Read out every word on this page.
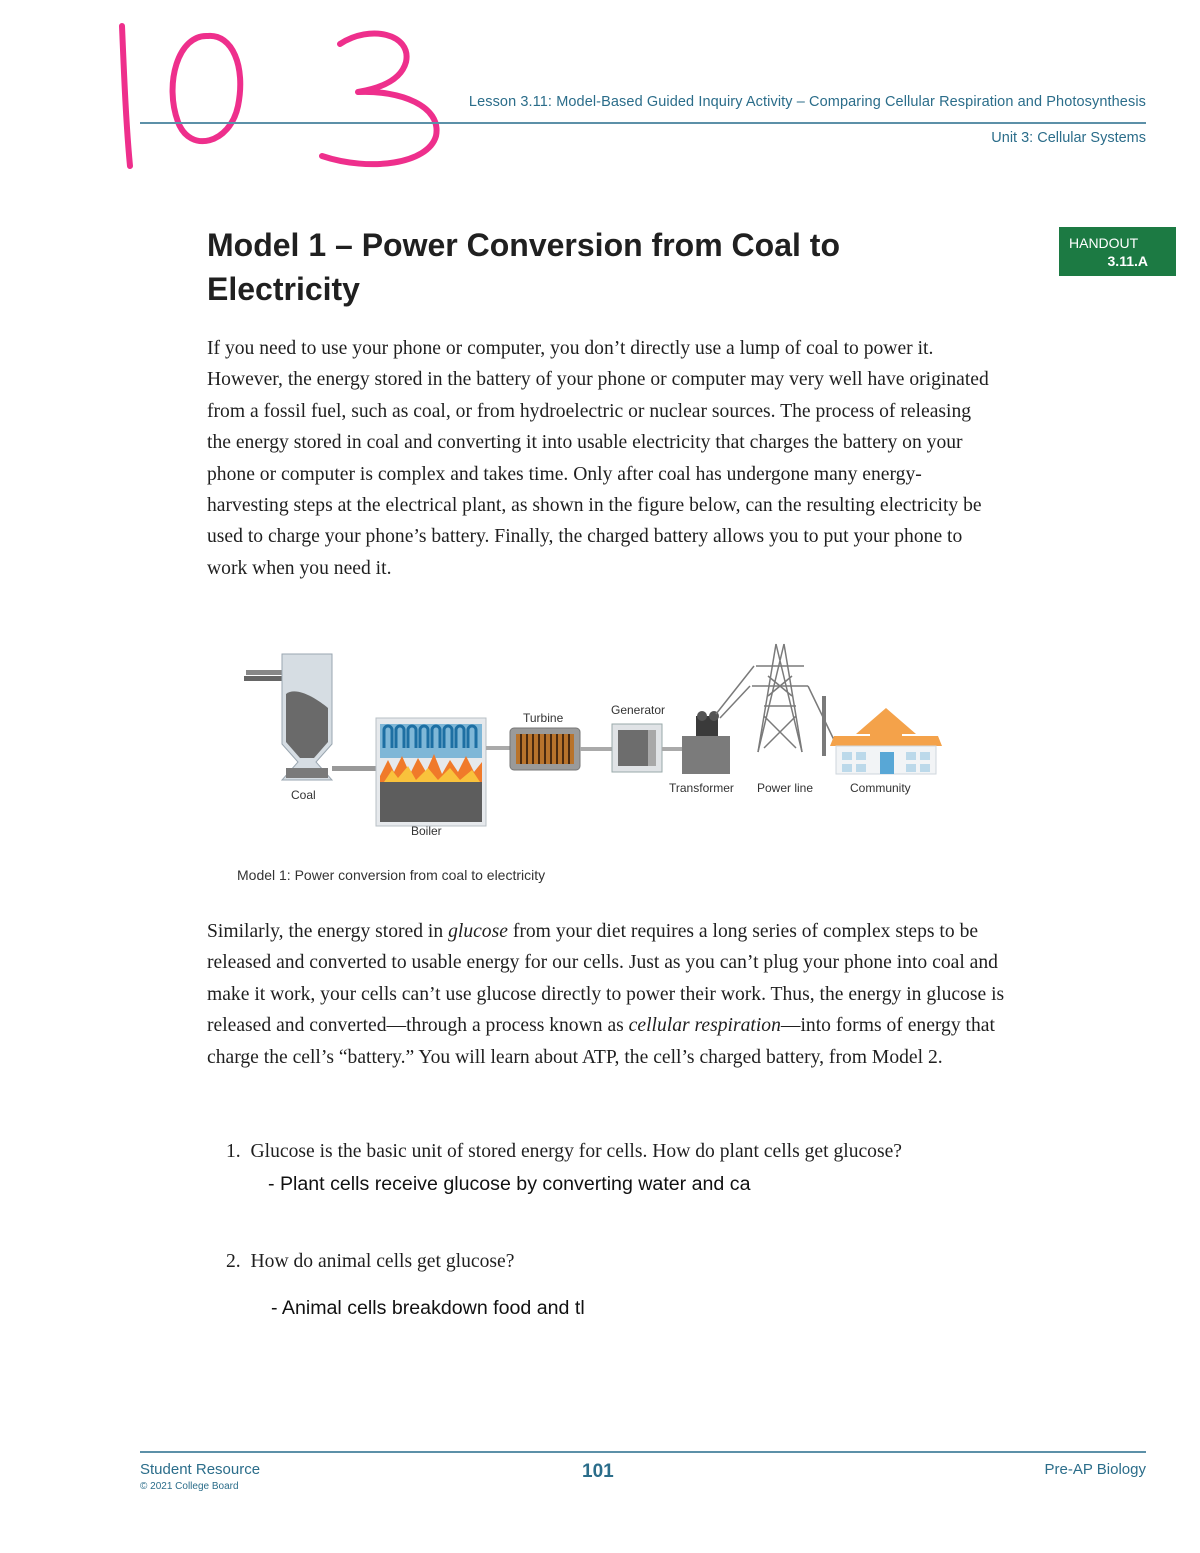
103
Lesson 3.11: Model-Based Guided Inquiry Activity – Comparing Cellular Respiration and Photosynthesis
Unit 3: Cellular Systems
HANDOUT
3.11.A
Model 1 – Power Conversion from Coal to Electricity

If you need to use your phone or computer, you don’t directly use a lump of coal to power it. However, the energy stored in the battery of your phone or computer may very well have originated from a fossil fuel, such as coal, or from hydroelectric or nuclear sources. The process of releasing the energy stored in coal and converting it into usable electricity that charges the battery on your phone or computer is complex and takes time. Only after coal has undergone many energy-harvesting steps at the electrical plant, as shown in the figure below, can the resulting electricity be used to charge your phone’s battery. Finally, the charged battery allows you to put your phone to work when you need it.

Coal
Boiler
Turbine
Generator
Transformer Power line	Community
Model 1: Power conversion from coal to electricity

Similarly, the energy stored in glucose from your diet requires a long series of complex steps to be released and converted to usable energy for our cells. Just as you can’t plug your phone into coal and make it work, your cells can’t use glucose directly to power their work. Thus, the energy in glucose is released and converted—through a process known as cellular respiration—into forms of energy that charge the cell’s “battery.” You will learn about ATP, the cell’s charged battery, from Model 2.

1. Glucose is the basic unit of stored energy for cells. How do plant cells get glucose?
- Plant cells receive glucose by converting water and ca
2. How do animal cells get glucose?
- Animal cells breakdown food and tl
Student Resource
© 2021 College Board
101	Pre-AP Biology
